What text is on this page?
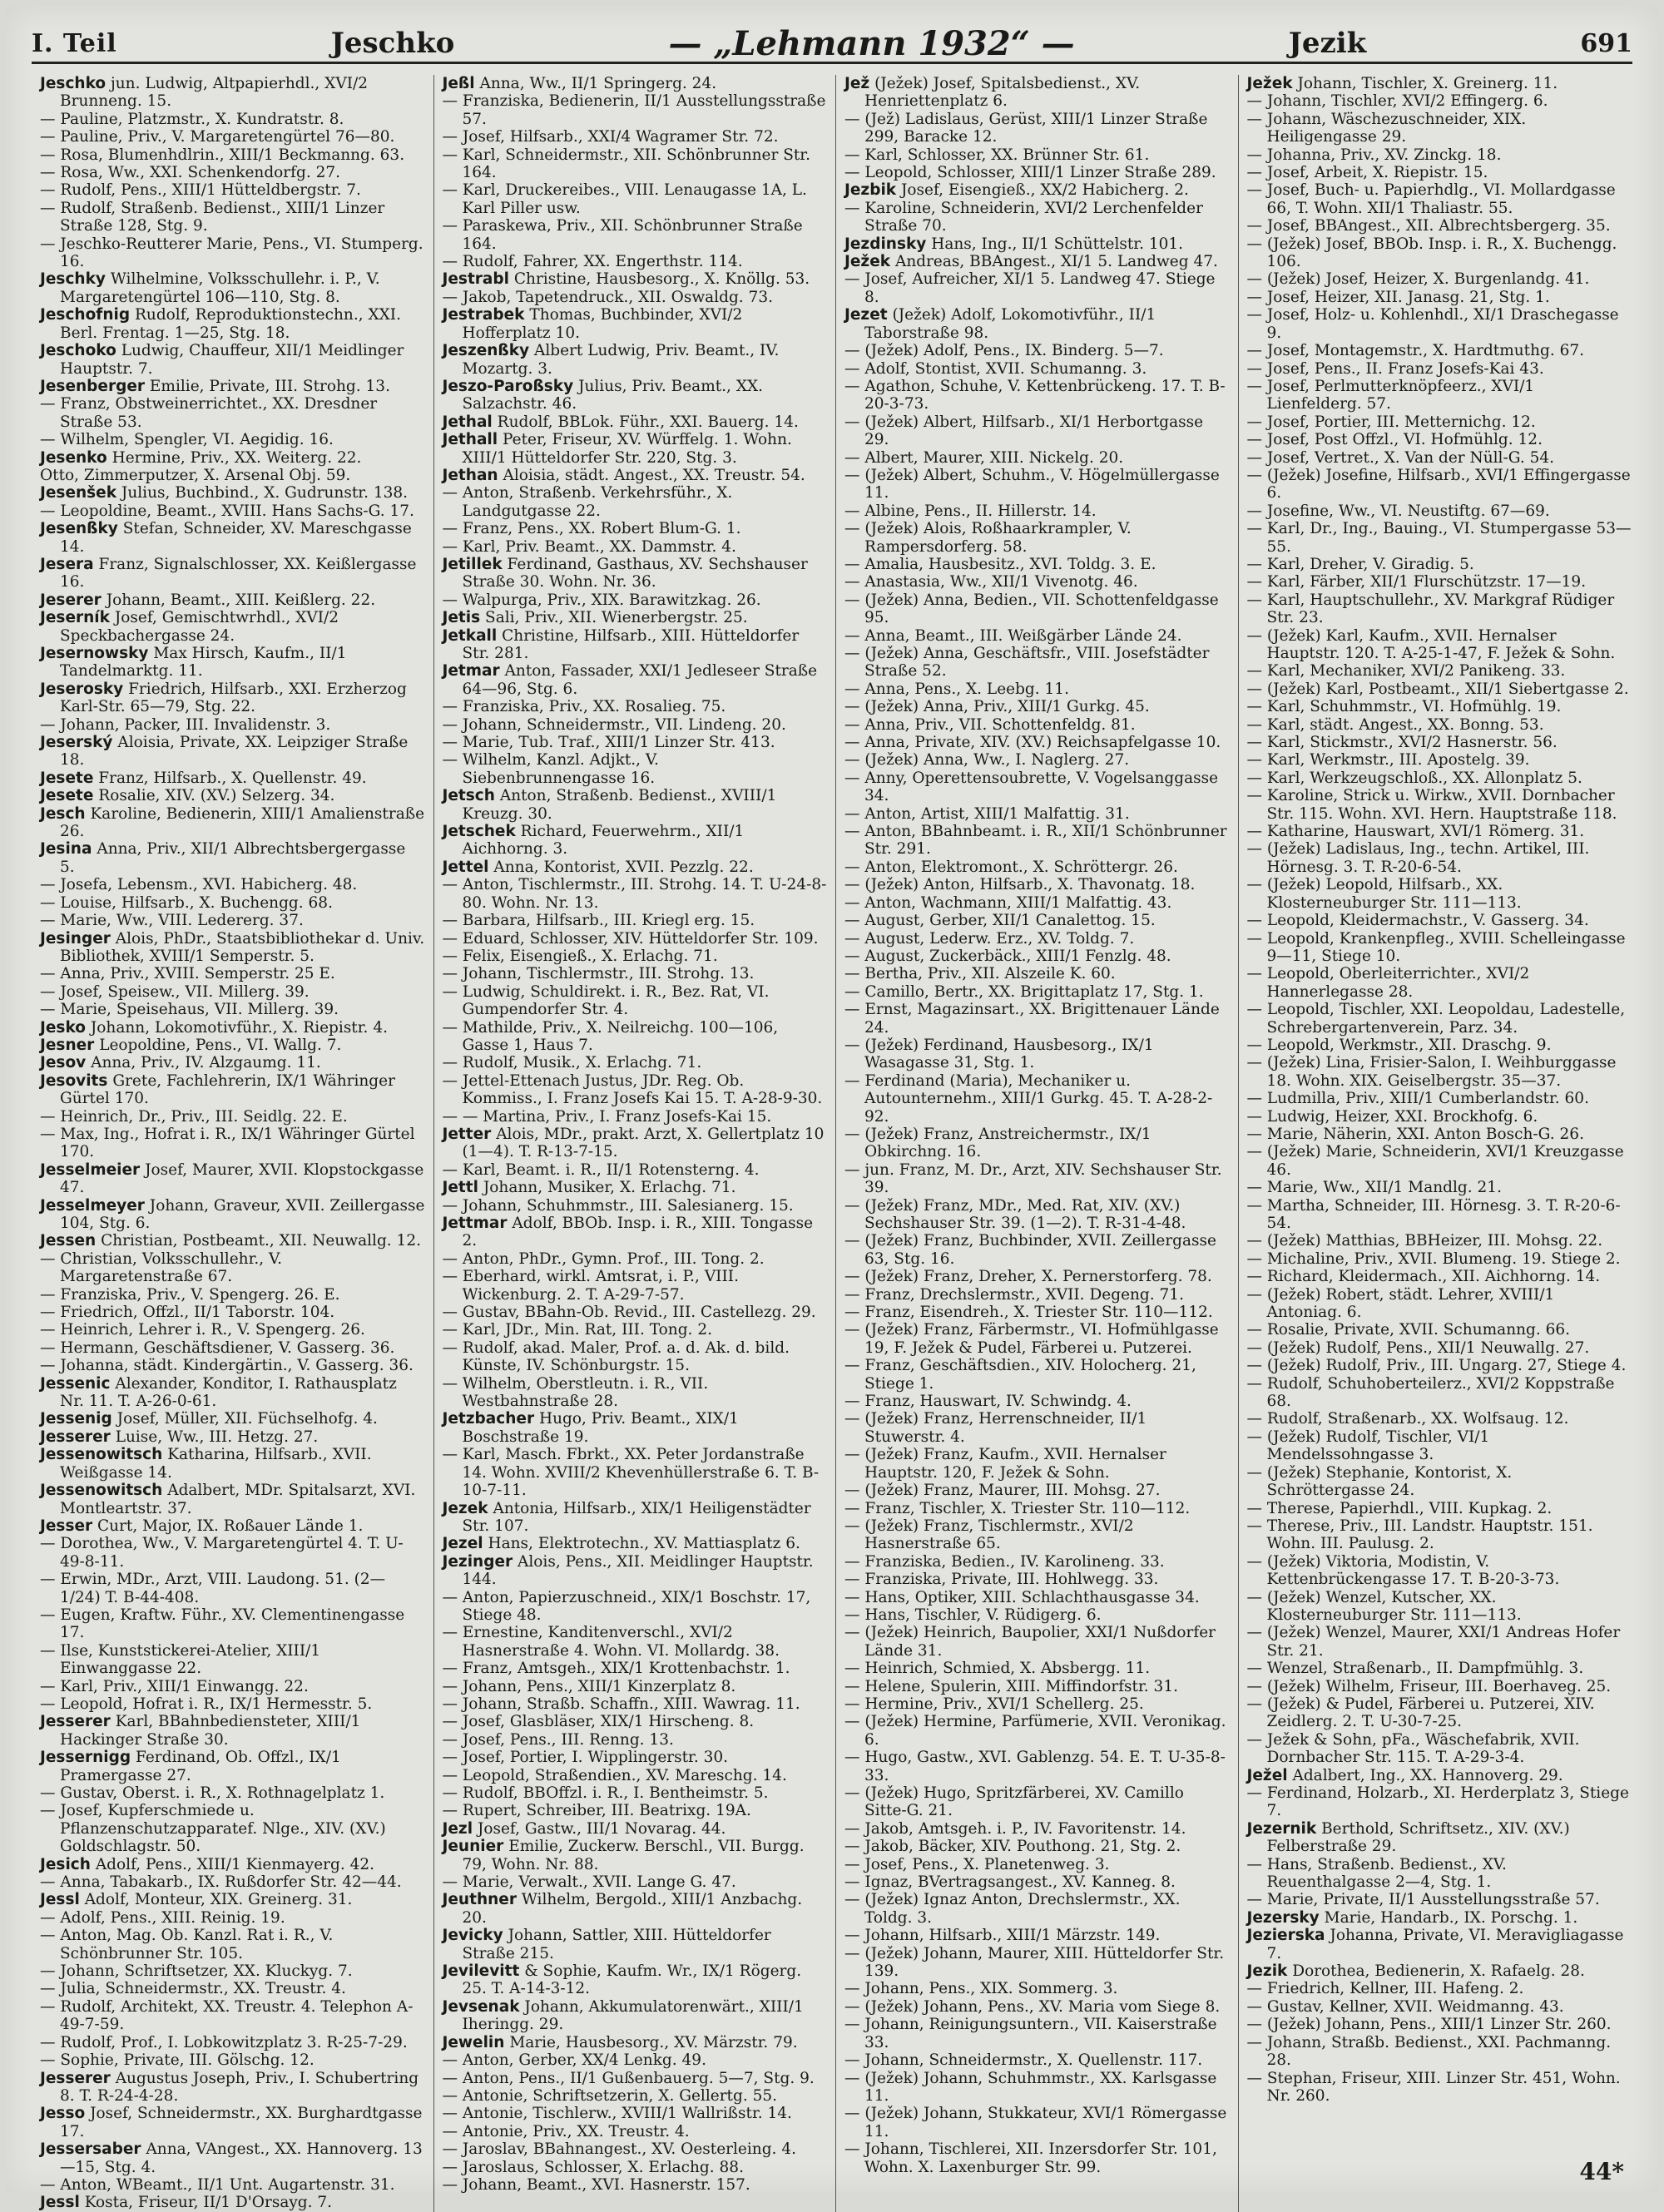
I. Teil	Jeschko	— „Lehmann 1932“ —	Jezik	691

Jeschko jun. Ludwig, Altpapierhdl., XVI/2 Brunneng. 15.

— Pauline, Platzmstr., X. Kundratstr. 8.

— Pauline, Priv., V. Margaretengürtel 76—80.

— Rosa, Blumenhdlrin., XIII/1 Beckmanng. 63.

— Rosa, Ww., XXI. Schenkendorfg. 27.

— Rudolf, Pens., XIII/1 Hütteldbergstr. 7.

— Rudolf, Straßenb. Bedienst., XIII/1 Linzer Straße 128, Stg. 9.

— Jeschko-Reutterer Marie, Pens., VI. Stumperg. 16.

Jeschky Wilhelmine, Volksschullehr. i. P., V. Margaretengürtel 106—110, Stg. 8.

Jeschofnig Rudolf, Reproduktionstechn., XXI. Berl. Frentag. 1—25, Stg. 18.

Jeschoko Ludwig, Chauffeur, XII/1 Meidlinger Hauptstr. 7.

Jesenberger Emilie, Private, III. Strohg. 13.

— Franz, Obstweinerrichtet., XX. Dresdner Straße 53.

— Wilhelm, Spengler, VI. Aegidig. 16.

Jesenko Hermine, Priv., XX. Weiterg. 22.

Otto, Zimmerputzer, X. Arsenal Obj. 59.

Jesenšek Julius, Buchbind., X. Gudrunstr. 138.

— Leopoldine, Beamt., XVIII. Hans Sachs-G. 17.

Jesenßky Stefan, Schneider, XV. Mareschgasse 14.

Jesera Franz, Signalschlosser, XX. Keißlergasse 16.

Jeserer Johann, Beamt., XIII. Keißlerg. 22.

Jeserník Josef, Gemischtwrhdl., XVI/2 Speckbachergasse 24.

Jesernowsky Max Hirsch, Kaufm., II/1 Tandelmarktg. 11.

Jeserosky Friedrich, Hilfsarb., XXI. Erzherzog Karl-Str. 65—79, Stg. 22.

— Johann, Packer, III. Invalidenstr. 3.

Jeserský Aloisia, Private, XX. Leipziger Straße 18.

Jesete Franz, Hilfsarb., X. Quellenstr. 49.

Jesete Rosalie, XIV. (XV.) Selzerg. 34.

Jesch Karoline, Bedienerin, XIII/1 Amalienstraße 26.

Jesina Anna, Priv., XII/1 Albrechtsbergergasse 5.

— Josefa, Lebensm., XVI. Habicherg. 48.

— Louise, Hilfsarb., X. Buchengg. 68.

— Marie, Ww., VIII. Ledererg. 37.

Jesinger Alois, PhDr., Staatsbibliothekar d. Univ. Bibliothek, XVIII/1 Semperstr. 5.

— Anna, Priv., XVIII. Semperstr. 25 E.

— Josef, Speisew., VII. Millerg. 39.

— Marie, Speisehaus, VII. Millerg. 39.

Jesko Johann, Lokomotivführ., X. Riepistr. 4.

Jesner Leopoldine, Pens., VI. Wallg. 7.

Jesov Anna, Priv., IV. Alzgaumg. 11.

Jesovits Grete, Fachlehrerin, IX/1 Währinger Gürtel 170.

— Heinrich, Dr., Priv., III. Seidlg. 22. E.

— Max, Ing., Hofrat i. R., IX/1 Währinger Gürtel 170.

Jesselmeier Josef, Maurer, XVII. Klopstockgasse 47.

Jesselmeyer Johann, Graveur, XVII. Zeillergasse 104, Stg. 6.

Jessen Christian, Postbeamt., XII. Neuwallg. 12.

— Christian, Volksschullehr., V. Margaretenstraße 67.

— Franziska, Priv., V. Spengerg. 26. E.

— Friedrich, Offzl., II/1 Taborstr. 104.

— Heinrich, Lehrer i. R., V. Spengerg. 26.

— Hermann, Geschäftsdiener, V. Gasserg. 36.

— Johanna, städt. Kindergärtin., V. Gasserg. 36.

Jessenic Alexander, Konditor, I. Rathausplatz Nr. 11. T. A-26-0-61.

Jessenig Josef, Müller, XII. Füchselhofg. 4.

Jesserer Luise, Ww., III. Hetzg. 27.

Jessenowitsch Katharina, Hilfsarb., XVII. Weißgasse 14.

Jessenowitsch Adalbert, MDr. Spitalsarzt, XVI. Montleartstr. 37.

Jesser Curt, Major, IX. Roßauer Lände 1.

— Dorothea, Ww., V. Margaretengürtel 4. T. U-49-8-11.

— Erwin, MDr., Arzt, VIII. Laudong. 51. (2—1/24) T. B-44-408.

— Eugen, Kraftw. Führ., XV. Clementinengasse 17.

— Ilse, Kunststickerei-Atelier, XIII/1 Einwanggasse 22.

— Karl, Priv., XIII/1 Einwangg. 22.

— Leopold, Hofrat i. R., IX/1 Hermesstr. 5.

Jesserer Karl, BBahnbediensteter, XIII/1 Hackinger Straße 30.

Jessernigg Ferdinand, Ob. Offzl., IX/1 Pramergasse 27.

— Gustav, Oberst. i. R., X. Rothnagelplatz 1.

— Josef, Kupferschmiede u. Pflanzenschutzapparatef. Nlge., XIV. (XV.) Goldschlagstr. 50.

Jesich Adolf, Pens., XIII/1 Kienmayerg. 42.

— Anna, Tabakarb., IX. Rußdorfer Str. 42—44.

Jessl Adolf, Monteur, XIX. Greinerg. 31.

— Adolf, Pens., XIII. Reinig. 19.

— Anton, Mag. Ob. Kanzl. Rat i. R., V. Schönbrunner Str. 105.

— Johann, Schriftsetzer, XX. Kluckyg. 7.

— Julia, Schneidermstr., XX. Treustr. 4.

— Rudolf, Architekt, XX. Treustr. 4. Telephon A-49-7-59.

— Rudolf, Prof., I. Lobkowitzplatz 3. R-25-7-29.

— Sophie, Private, III. Gölschg. 12.

Jesserer Augustus Joseph, Priv., I. Schubertring 8. T. R-24-4-28.

Jesso Josef, Schneidermstr., XX. Burghardtgasse 17.

Jessersaber Anna, VAngest., XX. Hannoverg. 13—15, Stg. 4.

— Anton, WBeamt., II/1 Unt. Augartenstr. 31.

Jessl Kosta, Friseur, II/1 D'Orsayg. 7.

Jeßl Anna, Ww., II/1 Springerg. 24.

— Franziska, Bedienerin, II/1 Ausstellungsstraße 57.

— Josef, Hilfsarb., XXI/4 Wagramer Str. 72.

— Karl, Schneidermstr., XII. Schönbrunner Str. 164.

— Karl, Druckereibes., VIII. Lenaugasse 1A, L. Karl Piller usw.

— Paraskewa, Priv., XII. Schönbrunner Straße 164.

— Rudolf, Fahrer, XX. Engerthstr. 114.

Jestrabl Christine, Hausbesorg., X. Knöllg. 53.

— Jakob, Tapetendruck., XII. Oswaldg. 73.

Jestrabek Thomas, Buchbinder, XVI/2 Hofferplatz 10.

Jeszenßky Albert Ludwig, Priv. Beamt., IV. Mozartg. 3.

Jeszo-Paroßsky Julius, Priv. Beamt., XX. Salzachstr. 46.

Jethal Rudolf, BBLok. Führ., XXI. Bauerg. 14.

Jethall Peter, Friseur, XV. Würffelg. 1. Wohn. XIII/1 Hütteldorfer Str. 220, Stg. 3.

Jethan Aloisia, städt. Angest., XX. Treustr. 54.

— Anton, Straßenb. Verkehrsführ., X. Landgutgasse 22.

— Franz, Pens., XX. Robert Blum-G. 1.

— Karl, Priv. Beamt., XX. Dammstr. 4.

Jetillek Ferdinand, Gasthaus, XV. Sechshauser Straße 30. Wohn. Nr. 36.

— Walpurga, Priv., XIX. Barawitzkag. 26.

Jetis Sali, Priv., XII. Wienerbergstr. 25.

Jetkall Christine, Hilfsarb., XIII. Hütteldorfer Str. 281.

Jetmar Anton, Fassader, XXI/1 Jedleseer Straße 64—96, Stg. 6.

— Franziska, Priv., XX. Rosalieg. 75.

— Johann, Schneidermstr., VII. Lindeng. 20.

— Marie, Tub. Traf., XIII/1 Linzer Str. 413.

— Wilhelm, Kanzl. Adjkt., V. Siebenbrunnengasse 16.

Jetsch Anton, Straßenb. Bedienst., XVIII/1 Kreuzg. 30.

Jetschek Richard, Feuerwehrm., XII/1 Aichhorng. 3.

Jettel Anna, Kontorist, XVII. Pezzlg. 22.

— Anton, Tischlermstr., III. Strohg. 14. T. U-24-8-80. Wohn. Nr. 13.

— Barbara, Hilfsarb., III. Kriegl erg. 15.

— Eduard, Schlosser, XIV. Hütteldorfer Str. 109.

— Felix, Eisengieß., X. Erlachg. 71.

— Johann, Tischlermstr., III. Strohg. 13.

— Ludwig, Schuldirekt. i. R., Bez. Rat, VI. Gumpendorfer Str. 4.

— Mathilde, Priv., X. Neilreichg. 100—106, Gasse 1, Haus 7.

— Rudolf, Musik., X. Erlachg. 71.

— Jettel-Ettenach Justus, JDr. Reg. Ob. Kommiss., I. Franz Josefs Kai 15. T. A-28-9-30.

— — Martina, Priv., I. Franz Josefs-Kai 15.

Jetter Alois, MDr., prakt. Arzt, X. Gellertplatz 10 (1—4). T. R-13-7-15.

— Karl, Beamt. i. R., II/1 Rotensterng. 4.

Jettl Johann, Musiker, X. Erlachg. 71.

— Johann, Schuhmmstr., III. Salesianerg. 15.

Jettmar Adolf, BBOb. Insp. i. R., XIII. Tongasse 2.

— Anton, PhDr., Gymn. Prof., III. Tong. 2.

— Eberhard, wirkl. Amtsrat, i. P., VIII. Wickenburg. 2. T. A-29-7-57.

— Gustav, BBahn-Ob. Revid., III. Castellezg. 29.

— Karl, JDr., Min. Rat, III. Tong. 2.

— Rudolf, akad. Maler, Prof. a. d. Ak. d. bild. Künste, IV. Schönburgstr. 15.

— Wilhelm, Oberstleutn. i. R., VII. Westbahnstraße 28.

Jetzbacher Hugo, Priv. Beamt., XIX/1 Boschstraße 19.

— Karl, Masch. Fbrkt., XX. Peter Jordanstraße 14. Wohn. XVIII/2 Khevenhüllerstraße 6. T. B-10-7-11.

Jezek Antonia, Hilfsarb., XIX/1 Heiligenstädter Str. 107.

Jezel Hans, Elektrotechn., XV. Mattiasplatz 6.

Jezinger Alois, Pens., XII. Meidlinger Hauptstr. 144.

— Anton, Papierzuschneid., XIX/1 Boschstr. 17, Stiege 48.

— Ernestine, Kanditenverschl., XVI/2 Hasnerstraße 4. Wohn. VI. Mollardg. 38.

— Franz, Amtsgeh., XIX/1 Krottenbachstr. 1.

— Johann, Pens., XIII/1 Kinzerplatz 8.

— Johann, Straßb. Schaffn., XIII. Wawrag. 11.

— Josef, Glasbläser, XIX/1 Hirscheng. 8.

— Josef, Pens., III. Renng. 13.

— Josef, Portier, I. Wipplingerstr. 30.

— Leopold, Straßendien., XV. Mareschg. 14.

— Rudolf, BBOffzl. i. R., I. Bentheimstr. 5.

— Rupert, Schreiber, III. Beatrixg. 19A.

Jezl Josef, Gastw., III/1 Novarag. 44.

Jeunier Emilie, Zuckerw. Berschl., VII. Burgg. 79, Wohn. Nr. 88.

— Marie, Verwalt., XVII. Lange G. 47.

Jeuthner Wilhelm, Bergold., XIII/1 Anzbachg. 20.

Jevicky Johann, Sattler, XIII. Hütteldorfer Straße 215.

Jevilevitt & Sophie, Kaufm. Wr., IX/1 Rögerg. 25. T. A-14-3-12.

Jevsenak Johann, Akkumulatorenwärt., XIII/1 Iheringg. 29.

Jewelin Marie, Hausbesorg., XV. Märzstr. 79.

— Anton, Gerber, XX/4 Lenkg. 49.

— Anton, Pens., II/1 Gußenbauerg. 5—7, Stg. 9.

— Antonie, Schriftsetzerin, X. Gellertg. 55.

— Antonie, Tischlerw., XVIII/1 Wallrißstr. 14.

— Antonie, Priv., XX. Treustr. 4.

— Jaroslav, BBahnangest., XV. Oesterleing. 4.

— Jaroslaus, Schlosser, X. Erlachg. 88.

— Johann, Beamt., XVI. Hasnerstr. 157.

Jež (Ježek) Josef, Spitalsbedienst., XV. Henriettenplatz 6.

— (Jež) Ladislaus, Gerüst, XIII/1 Linzer Straße 299, Baracke 12.

— Karl, Schlosser, XX. Brünner Str. 61.

— Leopold, Schlosser, XIII/1 Linzer Straße 289.

Jezbik Josef, Eisengieß., XX/2 Habicherg. 2.

— Karoline, Schneiderin, XVI/2 Lerchenfelder Straße 70.

Jezdinsky Hans, Ing., II/1 Schüttelstr. 101.

Ježek Andreas, BBAngest., XI/1 5. Landweg 47.

— Josef, Aufreicher, XI/1 5. Landweg 47. Stiege 8.

Jezet (Ježek) Adolf, Lokomotivführ., II/1 Taborstraße 98.

— (Ježek) Adolf, Pens., IX. Binderg. 5—7.

— Adolf, Stontist, XVII. Schumanng. 3.

— Agathon, Schuhe, V. Kettenbrückeng. 17. T. B-20-3-73.

— (Ježek) Albert, Hilfsarb., XI/1 Herbortgasse 29.

— Albert, Maurer, XIII. Nickelg. 20.

— (Ježek) Albert, Schuhm., V. Högelmüllergasse 11.

— Albine, Pens., II. Hillerstr. 14.

— (Ježek) Alois, Roßhaarkrampler, V. Rampersdorferg. 58.

— Amalia, Hausbesitz., XVI. Toldg. 3. E.

— Anastasia, Ww., XII/1 Vivenotg. 46.

— (Ježek) Anna, Bedien., VII. Schottenfeldgasse 95.

— Anna, Beamt., III. Weißgärber Lände 24.

— (Ježek) Anna, Geschäftsfr., VIII. Josefstädter Straße 52.

— Anna, Pens., X. Leebg. 11.

— (Ježek) Anna, Priv., XIII/1 Gurkg. 45.

— Anna, Priv., VII. Schottenfeldg. 81.

— Anna, Private, XIV. (XV.) Reichsapfelgasse 10.

— (Ježek) Anna, Ww., I. Naglerg. 27.

— Anny, Operettensoubrette, V. Vogelsanggasse 34.

— Anton, Artist, XIII/1 Malfattig. 31.

— Anton, BBahnbeamt. i. R., XII/1 Schönbrunner Str. 291.

— Anton, Elektromont., X. Schröttergr. 26.

— (Ježek) Anton, Hilfsarb., X. Thavonatg. 18.

— Anton, Wachmann, XIII/1 Malfattig. 43.

— August, Gerber, XII/1 Canalettog. 15.

— August, Lederw. Erz., XV. Toldg. 7.

— August, Zuckerbäck., XIII/1 Fenzlg. 48.

— Bertha, Priv., XII. Alszeile K. 60.

— Camillo, Bertr., XX. Brigittaplatz 17, Stg. 1.

— Ernst, Magazinsart., XX. Brigittenauer Lände 24.

— (Ježek) Ferdinand, Hausbesorg., IX/1 Wasagasse 31, Stg. 1.

— Ferdinand (Maria), Mechaniker u. Autounternehm., XIII/1 Gurkg. 45. T. A-28-2-92.

— (Ježek) Franz, Anstreichermstr., IX/1 Obkirchng. 16.

— jun. Franz, M. Dr., Arzt, XIV. Sechshauser Str. 39.

— (Ježek) Franz, MDr., Med. Rat, XIV. (XV.) Sechshauser Str. 39. (1—2). T. R-31-4-48.

— (Ježek) Franz, Buchbinder, XVII. Zeillergasse 63, Stg. 16.

— (Ježek) Franz, Dreher, X. Pernerstorferg. 78.

— Franz, Drechslermstr., XVII. Degeng. 71.

— Franz, Eisendreh., X. Triester Str. 110—112.

— (Ježek) Franz, Färbermstr., VI. Hofmühlgasse 19, F. Ježek & Pudel, Färberei u. Putzerei.

— Franz, Geschäftsdien., XIV. Holocherg. 21, Stiege 1.

— Franz, Hauswart, IV. Schwindg. 4.

— (Ježek) Franz, Herrenschneider, II/1 Stuwerstr. 4.

— (Ježek) Franz, Kaufm., XVII. Hernalser Hauptstr. 120, F. Ježek & Sohn.

— (Ježek) Franz, Maurer, III. Mohsg. 27.

— Franz, Tischler, X. Triester Str. 110—112.

— (Ježek) Franz, Tischlermstr., XVI/2 Hasnerstraße 65.

— Franziska, Bedien., IV. Karolineng. 33.

— Franziska, Private, III. Hohlwegg. 33.

— Hans, Optiker, XIII. Schlachthausgasse 34.

— Hans, Tischler, V. Rüdigerg. 6.

— (Ježek) Heinrich, Baupolier, XXI/1 Nußdorfer Lände 31.

— Heinrich, Schmied, X. Absbergg. 11.

— Helene, Spulerin, XIII. Miffindorfstr. 31.

— Hermine, Priv., XVI/1 Schellerg. 25.

— (Ježek) Hermine, Parfümerie, XVII. Veronikag. 6.

— Hugo, Gastw., XVI. Gablenzg. 54. E. T. U-35-8-33.

— (Ježek) Hugo, Spritzfärberei, XV. Camillo Sitte-G. 21.

— Jakob, Amtsgeh. i. P., IV. Favoritenstr. 14.

— Jakob, Bäcker, XIV. Pouthong. 21, Stg. 2.

— Josef, Pens., X. Planetenweg. 3.

— Ignaz, BVertragsangest., XV. Kanneg. 8.

— (Ježek) Ignaz Anton, Drechslermstr., XX. Toldg. 3.

— Johann, Hilfsarb., XIII/1 Märzstr. 149.

— (Ježek) Johann, Maurer, XIII. Hütteldorfer Str. 139.

— Johann, Pens., XIX. Sommerg. 3.

— (Ježek) Johann, Pens., XV. Maria vom Siege 8.

— Johann, Reinigungsuntern., VII. Kaiserstraße 33.

— Johann, Schneidermstr., X. Quellenstr. 117.

— (Ježek) Johann, Schuhmmstr., XX. Karlsgasse 11.

— (Ježek) Johann, Stukkateur, XVI/1 Römergasse 11.

— Johann, Tischlerei, XII. Inzersdorfer Str. 101, Wohn. X. Laxenburger Str. 99.

Ježek Johann, Tischler, X. Greinerg. 11.

— Johann, Tischler, XVI/2 Effingerg. 6.

— Johann, Wäschezuschneider, XIX. Heiligengasse 29.

— Johanna, Priv., XV. Zinckg. 18.

— Josef, Arbeit, X. Riepistr. 15.

— Josef, Buch- u. Papierhdlg., VI. Mollardgasse 66, T. Wohn. XII/1 Thaliastr. 55.

— Josef, BBAngest., XII. Albrechtsbergerg. 35.

— (Ježek) Josef, BBOb. Insp. i. R., X. Buchengg. 106.

— (Ježek) Josef, Heizer, X. Burgenlandg. 41.

— Josef, Heizer, XII. Janasg. 21, Stg. 1.

— Josef, Holz- u. Kohlenhdl., XI/1 Draschegasse 9.

— Josef, Montagemstr., X. Hardtmuthg. 67.

— Josef, Pens., II. Franz Josefs-Kai 43.

— Josef, Perlmutterknöpfeerz., XVI/1 Lienfelderg. 57.

— Josef, Portier, III. Metternichg. 12.

— Josef, Post Offzl., VI. Hofmühlg. 12.

— Josef, Vertret., X. Van der Nüll-G. 54.

— (Ježek) Josefine, Hilfsarb., XVI/1 Effingergasse 6.

— Josefine, Ww., VI. Neustiftg. 67—69.

— Karl, Dr., Ing., Bauing., VI. Stumpergasse 53—55.

— Karl, Dreher, V. Giradig. 5.

— Karl, Färber, XII/1 Flurschützstr. 17—19.

— Karl, Hauptschullehr., XV. Markgraf Rüdiger Str. 23.

— (Ježek) Karl, Kaufm., XVII. Hernalser Hauptstr. 120. T. A-25-1-47, F. Ježek & Sohn.

— Karl, Mechaniker, XVI/2 Panikeng. 33.

— (Ježek) Karl, Postbeamt., XII/1 Siebertgasse 2.

— Karl, Schuhmmstr., VI. Hofmühlg. 19.

— Karl, städt. Angest., XX. Bonng. 53.

— Karl, Stickmstr., XVI/2 Hasnerstr. 56.

— Karl, Werkmstr., III. Apostelg. 39.

— Karl, Werkzeugschloß., XX. Allonplatz 5.

— Karoline, Strick u. Wirkw., XVII. Dornbacher Str. 115. Wohn. XVI. Hern. Hauptstraße 118.

— Katharine, Hauswart, XVI/1 Römerg. 31.

— (Ježek) Ladislaus, Ing., techn. Artikel, III. Hörnesg. 3. T. R-20-6-54.

— (Ježek) Leopold, Hilfsarb., XX. Klosterneuburger Str. 111—113.

— Leopold, Kleidermachstr., V. Gasserg. 34.

— Leopold, Krankenpfleg., XVIII. Schelleingasse 9—11, Stiege 10.

— Leopold, Oberleiterrichter., XVI/2 Hannerlegasse 28.

— Leopold, Tischler, XXI. Leopoldau, Ladestelle, Schrebergartenverein, Parz. 34.

— Leopold, Werkmstr., XII. Draschg. 9.

— (Ježek) Lina, Frisier-Salon, I. Weihburggasse 18. Wohn. XIX. Geiselbergstr. 35—37.

— Ludmilla, Priv., XIII/1 Cumberlandstr. 60.

— Ludwig, Heizer, XXI. Brockhofg. 6.

— Marie, Näherin, XXI. Anton Bosch-G. 26.

— (Ježek) Marie, Schneiderin, XVI/1 Kreuzgasse 46.

— Marie, Ww., XII/1 Mandlg. 21.

— Martha, Schneider, III. Hörnesg. 3. T. R-20-6-54.

— (Ježek) Matthias, BBHeizer, III. Mohsg. 22.

— Michaline, Priv., XVII. Blumeng. 19. Stiege 2.

— Richard, Kleidermach., XII. Aichhorng. 14.

— (Ježek) Robert, städt. Lehrer, XVIII/1 Antoniag. 6.

— Rosalie, Private, XVII. Schumanng. 66.

— (Ježek) Rudolf, Pens., XII/1 Neuwallg. 27.

— (Ježek) Rudolf, Priv., III. Ungarg. 27, Stiege 4.

— Rudolf, Schuhoberteilerz., XVI/2 Koppstraße 68.

— Rudolf, Straßenarb., XX. Wolfsaug. 12.

— (Ježek) Rudolf, Tischler, VI/1 Mendelssohngasse 3.

— (Ježek) Stephanie, Kontorist, X. Schröttergasse 24.

— Therese, Papierhdl., VIII. Kupkag. 2.

— Therese, Priv., III. Landstr. Hauptstr. 151. Wohn. III. Paulusg. 2.

— (Ježek) Viktoria, Modistin, V. Kettenbrückengasse 17. T. B-20-3-73.

— (Ježek) Wenzel, Kutscher, XX. Klosterneuburger Str. 111—113.

— (Ježek) Wenzel, Maurer, XXI/1 Andreas Hofer Str. 21.

— Wenzel, Straßenarb., II. Dampfmühlg. 3.

— (Ježek) Wilhelm, Friseur, III. Boerhaveg. 25.

— (Ježek) & Pudel, Färberei u. Putzerei, XIV. Zeidlerg. 2. T. U-30-7-25.

— Ježek & Sohn, pFa., Wäschefabrik, XVII. Dornbacher Str. 115. T. A-29-3-4.

Ježel Adalbert, Ing., XX. Hannoverg. 29.

— Ferdinand, Holzarb., XI. Herderplatz 3, Stiege 7.

Jezernik Berthold, Schriftsetz., XIV. (XV.) Felberstraße 29.

— Hans, Straßenb. Bedienst., XV. Reuenthalgasse 2—4, Stg. 1.

— Marie, Private, II/1 Ausstellungsstraße 57.

Jezersky Marie, Handarb., IX. Porschg. 1.

Jezierska Johanna, Private, VI. Meravigliagasse 7.

Jezik Dorothea, Bedienerin, X. Rafaelg. 28.

— Friedrich, Kellner, III. Hafeng. 2.

— Gustav, Kellner, XVII. Weidmanng. 43.

— (Ježek) Johann, Pens., XIII/1 Linzer Str. 260.

— Johann, Straßb. Bedienst., XXI. Pachmanng. 28.

— Stephan, Friseur, XIII. Linzer Str. 451, Wohn. Nr. 260.

44*
